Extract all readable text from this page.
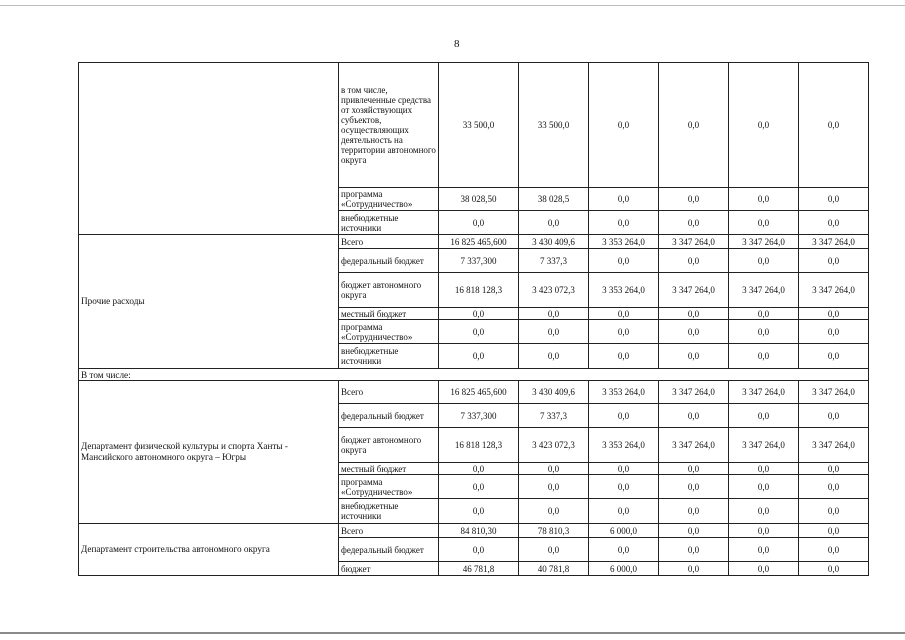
8
	в том числе, привлеченные средства от хозяйствующих субъектов, осуществляющих деятельность на территории автономного округа	33 500,0	33 500,0	0,0	0,0	0,0	0,0
	программа «Сотрудничество»	38 028,50	38 028,5	0,0	0,0	0,0	0,0
	внебюджетные источники	0,0	0,0	0,0	0,0	0,0	0,0
Прочие расходы	Всего	16 825 465,600	3 430 409,6	3 353 264,0	3 347 264,0	3 347 264,0	3 347 264,0
	федеральный бюджет	7 337,300	7 337,3	0,0	0,0	0,0	0,0
	бюджет автономного округа	16 818 128,3	3 423 072,3	3 353 264,0	3 347 264,0	3 347 264,0	3 347 264,0
	местный бюджет	0,0	0,0	0,0	0,0	0,0	0,0
	программа «Сотрудничество»	0,0	0,0	0,0	0,0	0,0	0,0
	внебюджетные источники	0,0	0,0	0,0	0,0	0,0	0,0
В том числе:							
Департамент физической культуры и спорта Ханты - Мансийского автономного округа – Югры	Всего	16 825 465,600	3 430 409,6	3 353 264,0	3 347 264,0	3 347 264,0	3 347 264,0
	федеральный бюджет	7 337,300	7 337,3	0,0	0,0	0,0	0,0
	бюджет автономного округа	16 818 128,3	3 423 072,3	3 353 264,0	3 347 264,0	3 347 264,0	3 347 264,0
	местный бюджет	0,0	0,0	0,0	0,0	0,0	0,0
	программа «Сотрудничество»	0,0	0,0	0,0	0,0	0,0	0,0
	внебюджетные источники	0,0	0,0	0,0	0,0	0,0	0,0
Департамент строительства автономного округа	Всего	84 810,30	78 810,3	6 000,0	0,0	0,0	0,0
	федеральный бюджет	0,0	0,0	0,0	0,0	0,0	0,0
	бюджет	46 781,8	40 781,8	6 000,0	0,0	0,0	0,0
